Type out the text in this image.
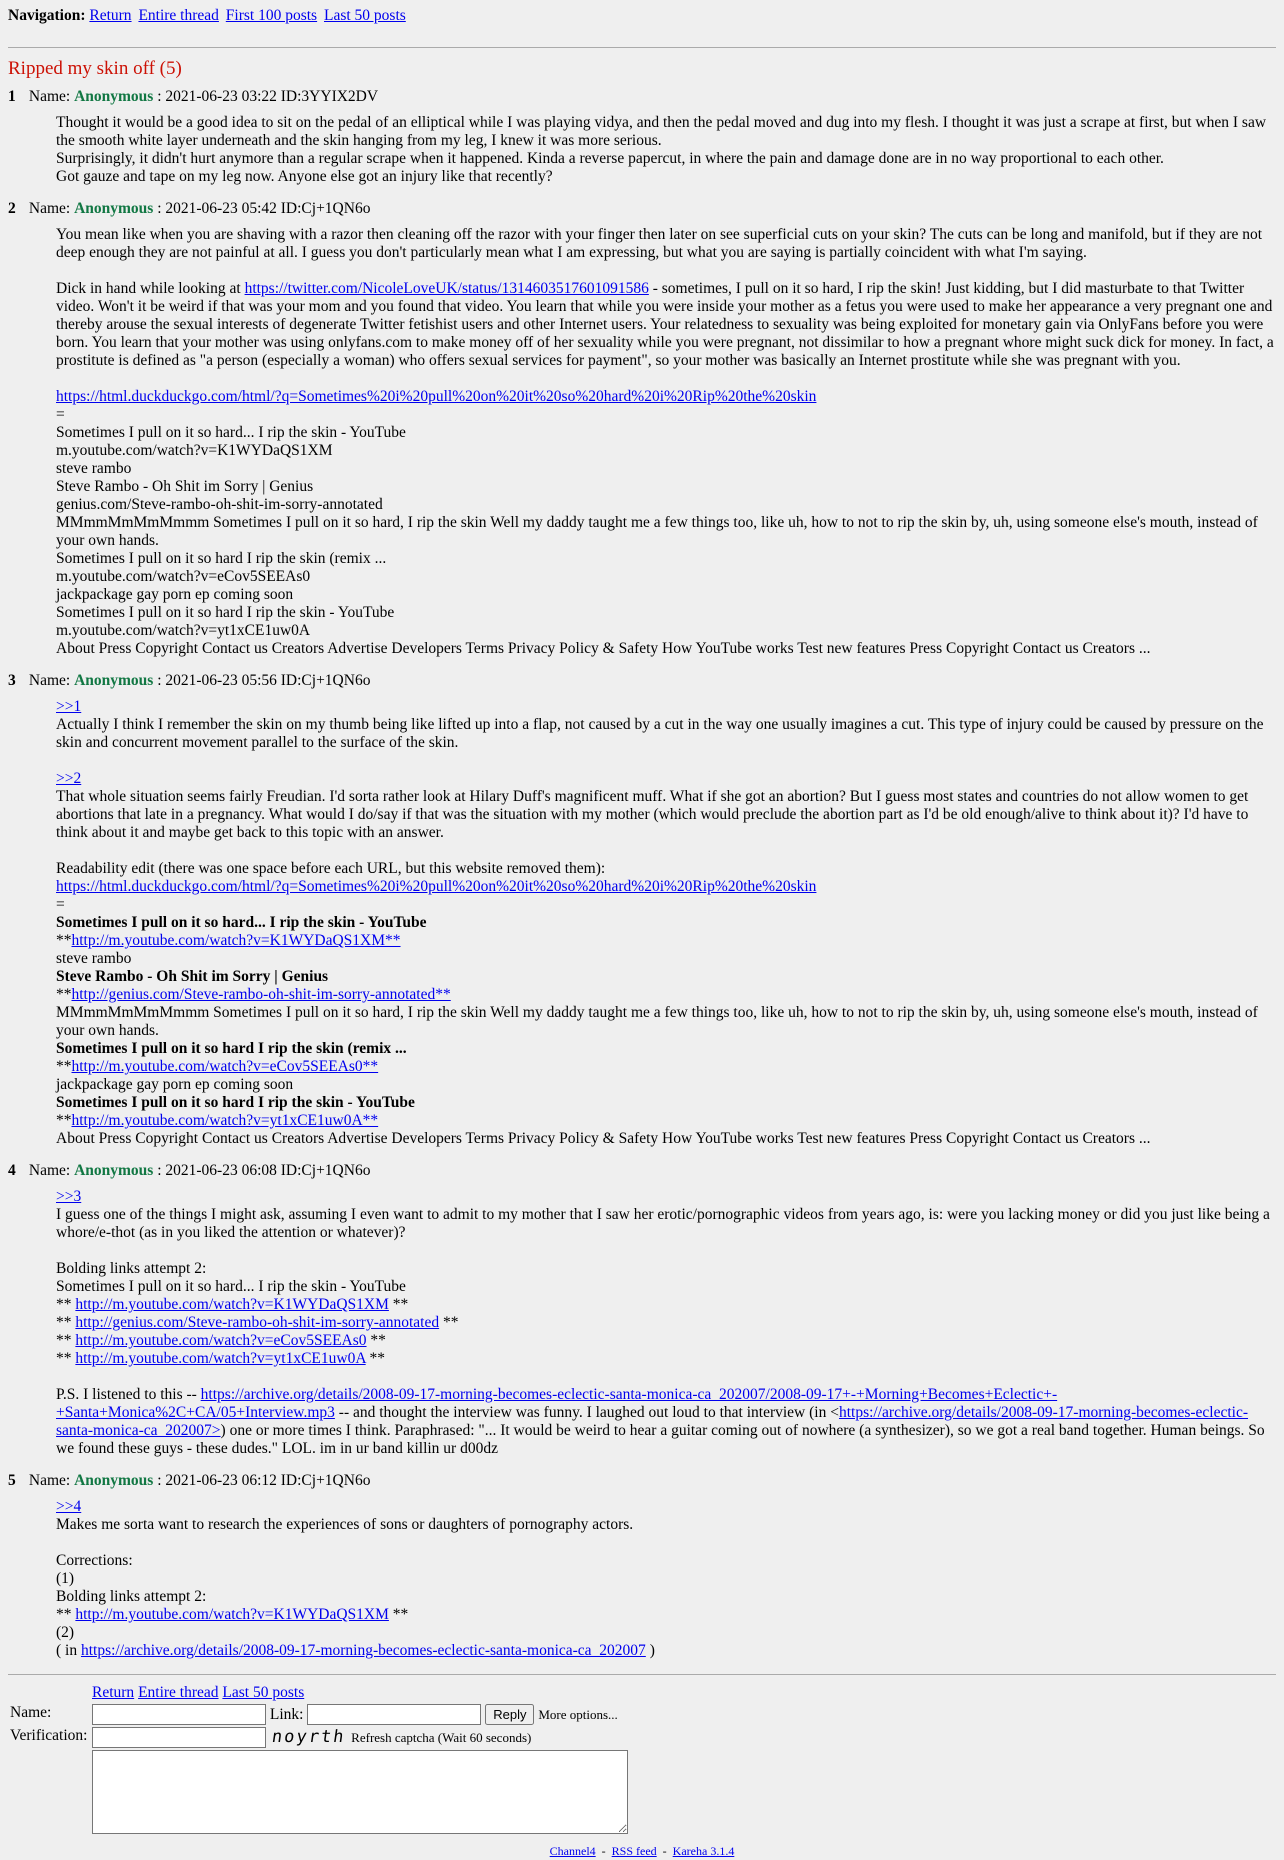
Navigation: Return Entire thread First 100 posts Last 50 posts
Ripped my skin off (5)
1 Name: Anonymous : 2021-06-23 03:22 ID:3YYIX2DV
Thought it would be a good idea to sit on the pedal of an elliptical while I was playing vidya, and then the pedal moved and dug into my flesh. I thought it was just a scrape at first, but when I saw the smooth white layer underneath and the skin hanging from my leg, I knew it was more serious.
Surprisingly, it didn't hurt anymore than a regular scrape when it happened. Kinda a reverse papercut, in where the pain and damage done are in no way proportional to each other.
Got gauze and tape on my leg now. Anyone else got an injury like that recently?
2 Name: Anonymous : 2021-06-23 05:42 ID:Cj+1QN6o

You mean like when you are shaving with a razor then cleaning off the razor with your finger then later on see superficial cuts on your skin? The cuts can be long and manifold, but if they are not deep enough they are not painful at all. I guess you don't particularly mean what I am expressing, but what you are saying is partially coincident with what I'm saying.

Dick in hand while looking at https://twitter.com/NicoleLoveUK/status/1314603517601091586 - sometimes, I pull on it so hard, I rip the skin! Just kidding, but I did masturbate to that Twitter video. Won't it be weird if that was your mom and you found that video. You learn that while you were inside your mother as a fetus you were used to make her appearance a very pregnant one and thereby arouse the sexual interests of degenerate Twitter fetishist users and other Internet users. Your relatedness to sexuality was being exploited for monetary gain via OnlyFans before you were born. You learn that your mother was using onlyfans.com to make money off of her sexuality while you were pregnant, not dissimilar to how a pregnant whore might suck dick for money. In fact, a prostitute is defined as "a person (especially a woman) who offers sexual services for payment", so your mother was basically an Internet prostitute while she was pregnant with you.

https://html.duckduckgo.com/html/?q=Sometimes%20i%20pull%20on%20it%20so%20hard%20i%20Rip%20the%20skin
=
Sometimes I pull on it so hard... I rip the skin - YouTube
m.youtube.com/watch?v=K1WYDaQS1XM
steve rambo
Steve Rambo - Oh Shit im Sorry | Genius
genius.com/Steve-rambo-oh-shit-im-sorry-annotated
MMmmMmMmMmmm Sometimes I pull on it so hard, I rip the skin Well my daddy taught me a few things too, like uh, how to not to rip the skin by, uh, using someone else's mouth, instead of your own hands.
Sometimes I pull on it so hard I rip the skin (remix ...
m.youtube.com/watch?v=eCov5SEEAs0
jackpackage gay porn ep coming soon
Sometimes I pull on it so hard I rip the skin - YouTube
m.youtube.com/watch?v=yt1xCE1uw0A
About Press Copyright Contact us Creators Advertise Developers Terms Privacy Policy & Safety How YouTube works Test new features Press Copyright Contact us Creators ...

3 Name: Anonymous : 2021-06-23 05:56 ID:Cj+1QN6o

>>1
Actually I think I remember the skin on my thumb being like lifted up into a flap, not caused by a cut in the way one usually imagines a cut. This type of injury could be caused by pressure on the skin and concurrent movement parallel to the surface of the skin.

>>2
That whole situation seems fairly Freudian. I'd sorta rather look at Hilary Duff's magnificent muff. What if she got an abortion? But I guess most states and countries do not allow women to get abortions that late in a pregnancy. What would I do/say if that was the situation with my mother (which would preclude the abortion part as I'd be old enough/alive to think about it)? I'd have to think about it and maybe get back to this topic with an answer.

Readability edit (there was one space before each URL, but this website removed them):
https://html.duckduckgo.com/html/?q=Sometimes%20i%20pull%20on%20it%20so%20hard%20i%20Rip%20the%20skin
=
Sometimes I pull on it so hard... I rip the skin - YouTube
**http://m.youtube.com/watch?v=K1WYDaQS1XM**
steve rambo
Steve Rambo - Oh Shit im Sorry | Genius
**http://genius.com/Steve-rambo-oh-shit-im-sorry-annotated**
MMmmMmMmMmmm Sometimes I pull on it so hard, I rip the skin Well my daddy taught me a few things too, like uh, how to not to rip the skin by, uh, using someone else's mouth, instead of your own hands.
Sometimes I pull on it so hard I rip the skin (remix ...
**http://m.youtube.com/watch?v=eCov5SEEAs0**
jackpackage gay porn ep coming soon
Sometimes I pull on it so hard I rip the skin - YouTube
**http://m.youtube.com/watch?v=yt1xCE1uw0A**
About Press Copyright Contact us Creators Advertise Developers Terms Privacy Policy & Safety How YouTube works Test new features Press Copyright Contact us Creators ...

4 Name: Anonymous : 2021-06-23 06:08 ID:Cj+1QN6o

>>3
I guess one of the things I might ask, assuming I even want to admit to my mother that I saw her erotic/pornographic videos from years ago, is: were you lacking money or did you just like being a whore/e-thot (as in you liked the attention or whatever)?

Bolding links attempt 2:
Sometimes I pull on it so hard... I rip the skin - YouTube
** http://m.youtube.com/watch?v=K1WYDaQS1XM **
** http://genius.com/Steve-rambo-oh-shit-im-sorry-annotated **
** http://m.youtube.com/watch?v=eCov5SEEAs0 **
** http://m.youtube.com/watch?v=yt1xCE1uw0A **

P.S. I listened to this -- https://archive.org/details/2008-09-17-morning-becomes-eclectic-santa-monica-ca_202007/2008-09-17+-+Morning+Becomes+Eclectic+-+Santa+Monica%2C+CA/05+Interview.mp3 -- and thought the interview was funny. I laughed out loud to that interview (in <https://archive.org/details/2008-09-17-morning-becomes-eclectic-santa-monica-ca_202007>) one or more times I think. Paraphrased: "... It would be weird to hear a guitar coming out of nowhere (a synthesizer), so we got a real band together. Human beings. So we found these guys - these dudes." LOL. im in ur band killin ur d00dz

5 Name: Anonymous : 2021-06-23 06:12 ID:Cj+1QN6o

>>4
Makes me sorta want to research the experiences of sons or daughters of pornography actors.

Corrections:
(1)
Bolding links attempt 2:
** http://m.youtube.com/watch?v=K1WYDaQS1XM **
(2)
( in https://archive.org/details/2008-09-17-morning-becomes-eclectic-santa-monica-ca_202007 )

	Return Entire thread Last 50 posts
Name:	Link: Reply More options...
Verification:	noyrth Refresh captcha (Wait 60 seconds)

Channel4 - RSS feed - Kareha 3.1.4
